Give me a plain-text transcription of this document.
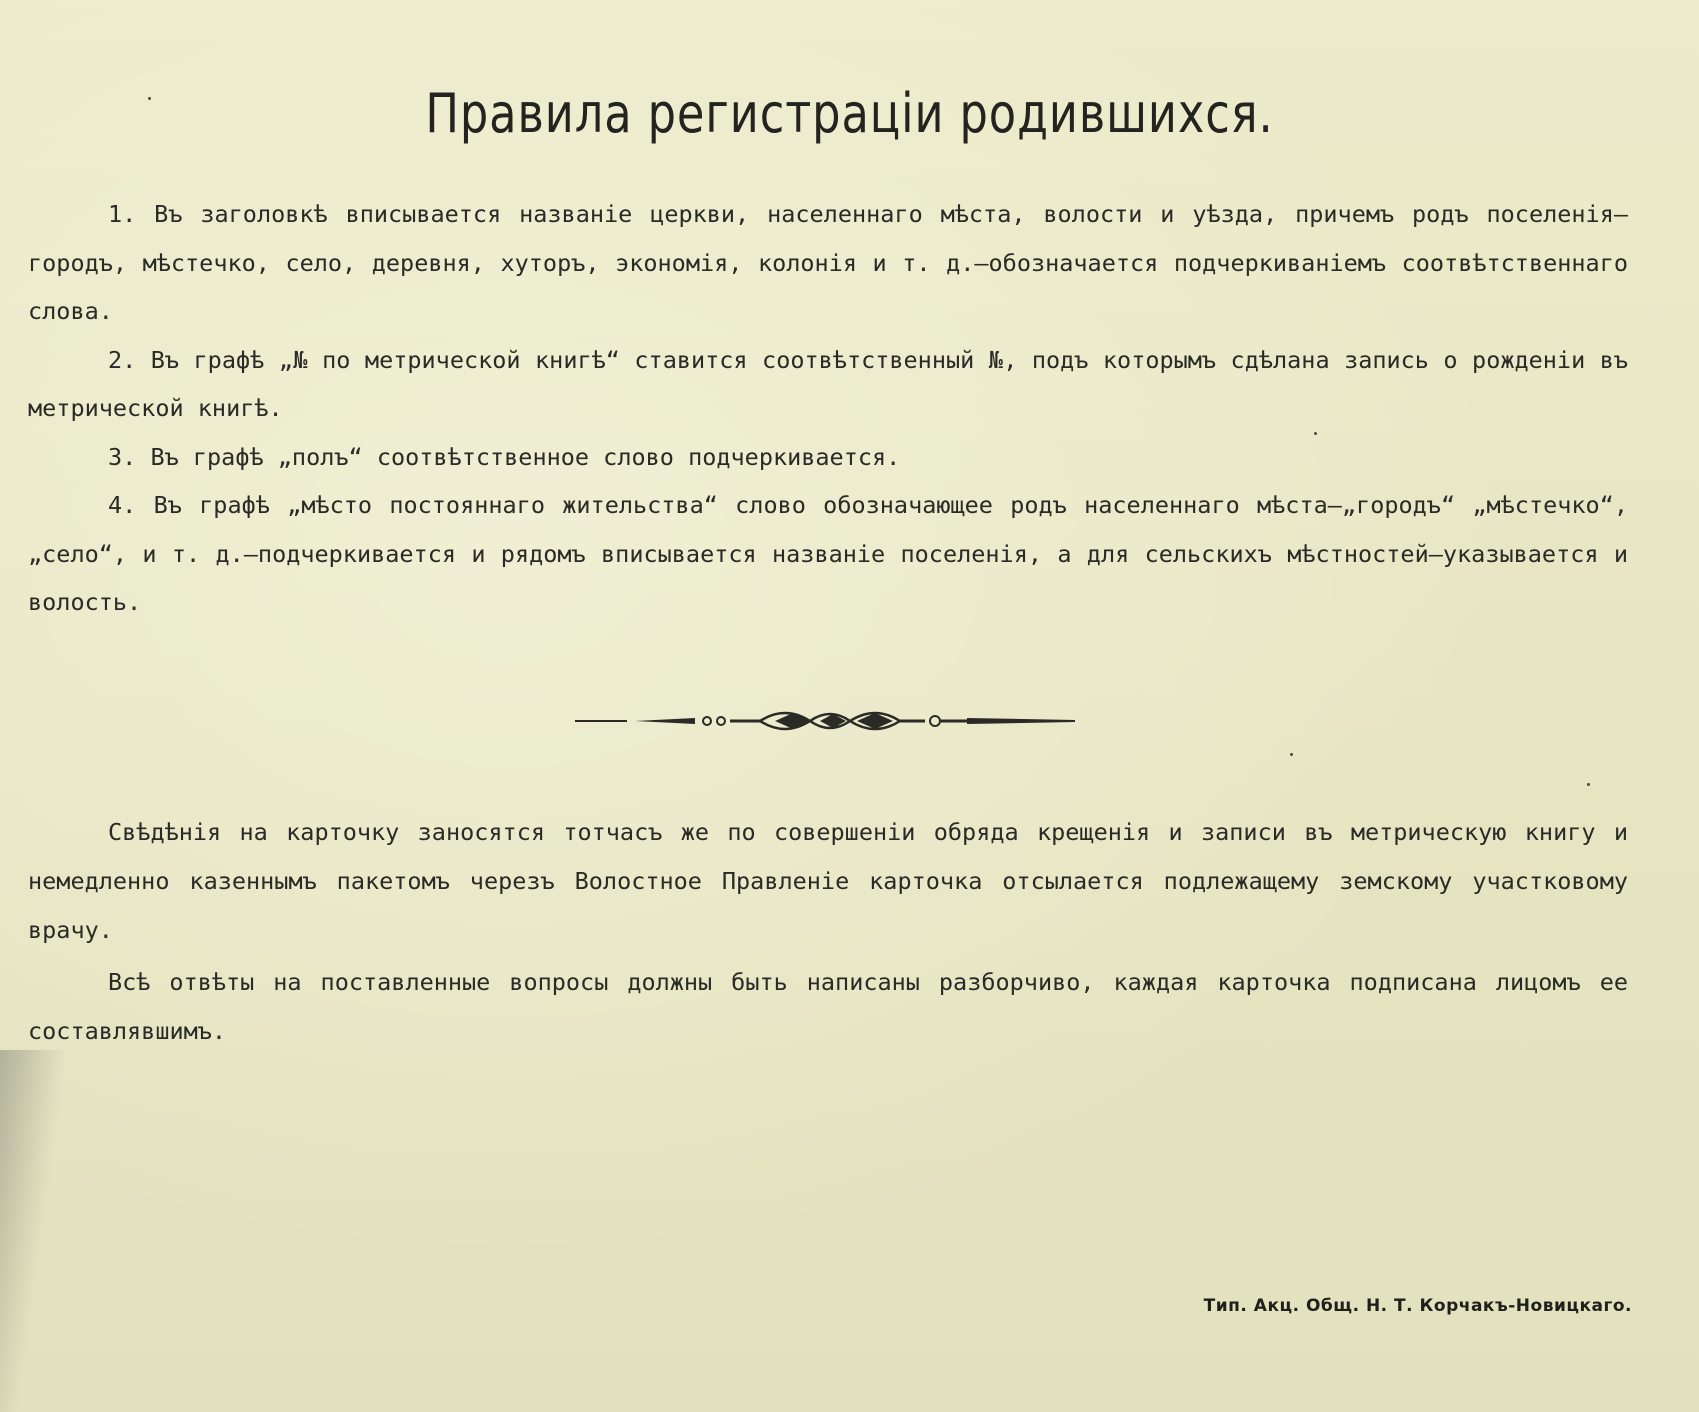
Правила регистраціи родившихся.

1. Въ заголовкѣ вписывается названіе церкви, населеннаго мѣста, волости и уѣзда, причемъ родъ поселенія—городъ, мѣстечко, село, деревня, хуторъ, экономія, колонія и т. д.—обозначается подчеркиваніемъ соотвѣтственнаго слова.

2. Въ графѣ „№ по метрической книгѣ“ ставится соотвѣтственный №, подъ которымъ сдѣлана запись о рожденіи въ метрической книгѣ.

3. Въ графѣ „полъ“ соотвѣтственное слово подчеркивается.

4. Въ графѣ „мѣсто постояннаго жительства“ слово обозначающее родъ населеннаго мѣста—„городъ“ „мѣстечко“, „село“, и т. д.—подчеркивается и рядомъ вписывается названіе поселенія, а для сельскихъ мѣстностей—указывается и волость.

Свѣдѣнія на карточку заносятся тотчасъ же по совершеніи обряда крещенія и записи въ метрическую книгу и немедленно казеннымъ пакетомъ черезъ Волостное Правленіе карточка отсылается подлежащему земскому участковому врачу.

Всѣ отвѣты на поставленные вопросы должны быть написаны разборчиво, каждая карточка подписана лицомъ ее составлявшимъ.

Тип. Акц. Общ. Н. Т. Корчакъ-Новицкаго.
